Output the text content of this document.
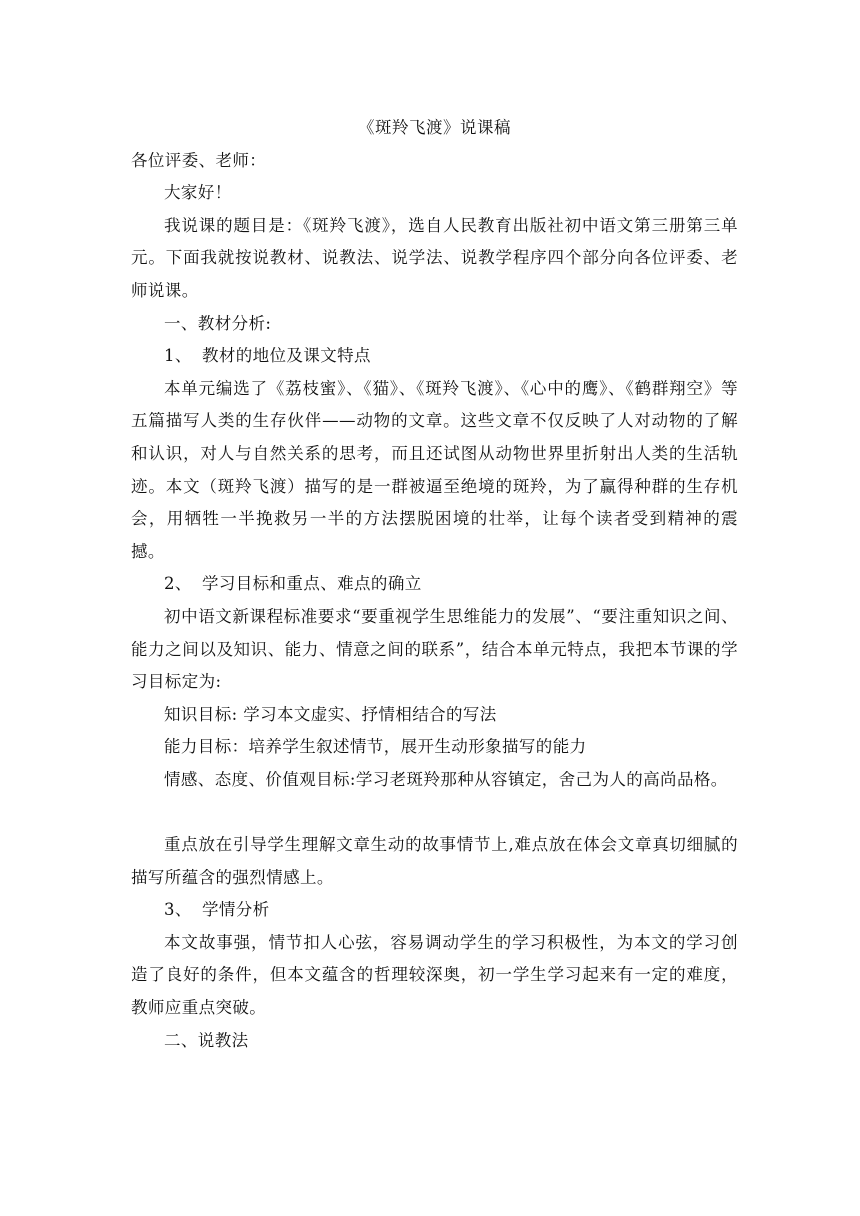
《斑羚飞渡》说课稿

各位评委、老师：

大家好！

我说课的题目是：《斑羚飞渡》，选自人民教育出版社初中语文第三册第三单元。下面我就按说教材、说教法、说学法、说教学程序四个部分向各位评委、老师说课。

一、教材分析:

1、 教材的地位及课文特点

本单元编选了《荔枝蜜》、《猫》、《斑羚飞渡》、《心中的鹰》、《鹤群翔空》等五篇描写人类的生存伙伴——动物的文章。这些文章不仅反映了人对动物的了解和认识，对人与自然关系的思考，而且还试图从动物世界里折射出人类的生活轨迹。本文（斑羚飞渡）描写的是一群被逼至绝境的斑羚，为了赢得种群的生存机会，用牺牲一半挽救另一半的方法摆脱困境的壮举，让每个读者受到精神的震撼。

2、 学习目标和重点、难点的确立

初中语文新课程标准要求“要重视学生思维能力的发展”、“要注重知识之间、能力之间以及知识、能力、情意之间的联系”，结合本单元特点，我把本节课的学习目标定为:

知识目标: 学习本文虚实、抒情相结合的写法

能力目标：培养学生叙述情节，展开生动形象描写的能力

情感、态度、价值观目标:学习老斑羚那种从容镇定，舍己为人的高尚品格。

重点放在引导学生理解文章生动的故事情节上,难点放在体会文章真切细腻的描写所蕴含的强烈情感上。

3、 学情分析

本文故事强，情节扣人心弦，容易调动学生的学习积极性，为本文的学习创造了良好的条件，但本文蕴含的哲理较深奥，初一学生学习起来有一定的难度，教师应重点突破。

二、说教法
